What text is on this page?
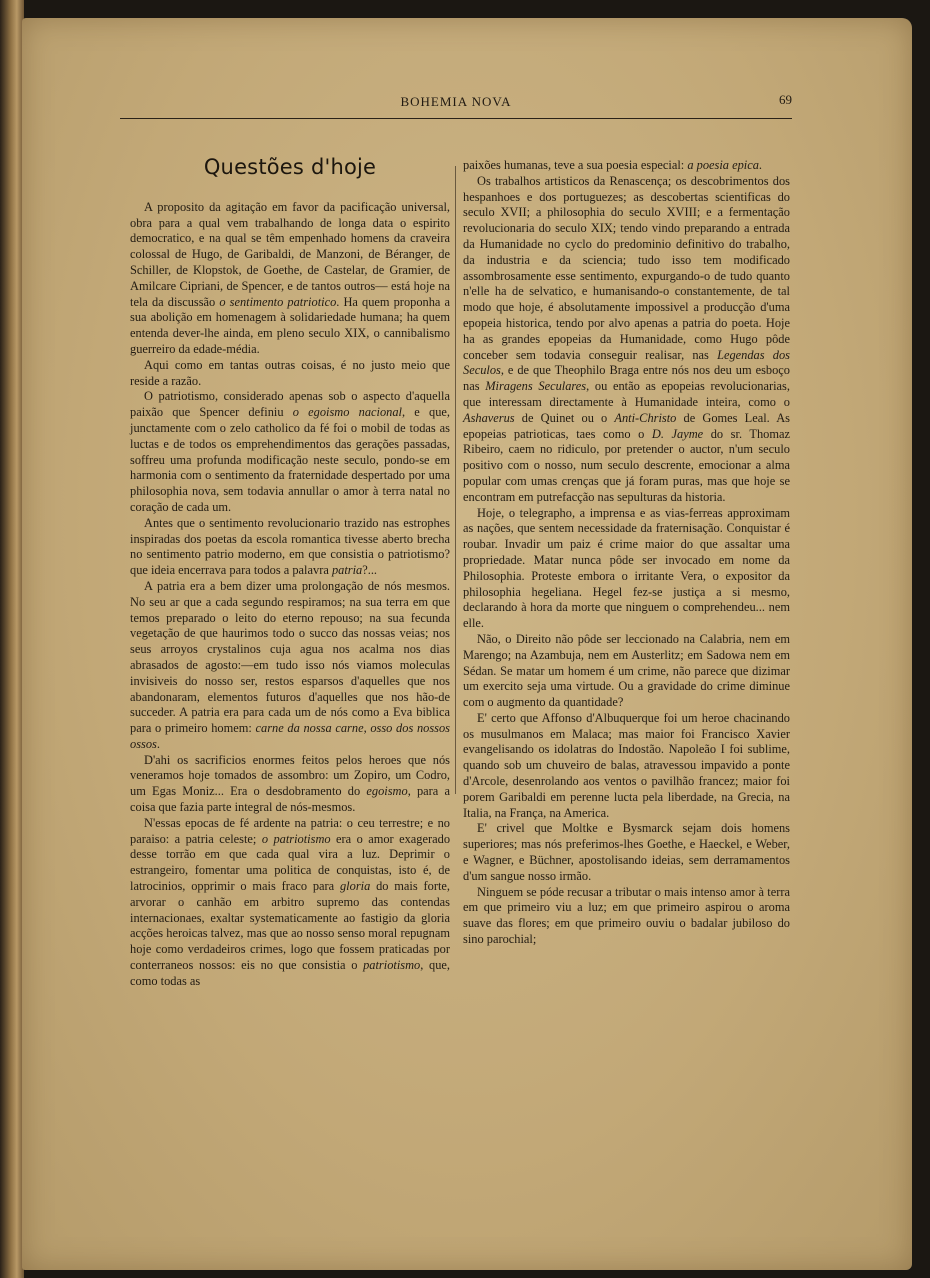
BOHEMIA NOVA	69
Questões d'hoje

A proposito da agitação em favor da pacificação universal, obra para a qual vem trabalhando de longa data o espirito democratico, e na qual se têm empenhado homens da craveira colossal de Hugo, de Garibaldi, de Manzoni, de Béranger, de Schiller, de Klopstok, de Goethe, de Castelar, de Gramier, de Amilcare Cipriani, de Spencer, e de tantos outros— está hoje na tela da discussão o sentimento patriotico. Ha quem proponha a sua abolição em homenagem à solidariedade humana; ha quem entenda dever-lhe ainda, em pleno seculo XIX, o cannibalismo guerreiro da edade-média.

Aqui como em tantas outras coisas, é no justo meio que reside a razão.

O patriotismo, considerado apenas sob o aspecto d'aquella paixão que Spencer definiu o egoismo nacional, e que, junctamente com o zelo catholico da fé foi o mobil de todas as luctas e de todos os emprehendimentos das gerações passadas, soffreu uma profunda modificação neste seculo, pondo-se em harmonia com o sentimento da fraternidade despertado por uma philosophia nova, sem todavia annullar o amor à terra natal no coração de cada um.

Antes que o sentimento revolucionario trazido nas estrophes inspiradas dos poetas da escola romantica tivesse aberto brecha no sentimento patrio moderno, em que consistia o patriotismo? que ideia encerrava para todos a palavra patria?...

A patria era a bem dizer uma prolongação de nós mesmos. No seu ar que a cada segundo respiramos; na sua terra em que temos preparado o leito do eterno repouso; na sua fecunda vegetação de que haurimos todo o succo das nossas veias; nos seus arroyos crystalinos cuja agua nos acalma nos dias abrasados de agosto:—em tudo isso nós viamos moleculas invisiveis do nosso ser, restos esparsos d'aquelles que nos abandonaram, elementos futuros d'aquelles que nos hão-de succeder. A patria era para cada um de nós como a Eva biblica para o primeiro homem: carne da nossa carne, osso dos nossos ossos.

D'ahi os sacrificios enormes feitos pelos heroes que nós veneramos hoje tomados de assombro: um Zopiro, um Codro, um Egas Moniz... Era o desdobramento do egoismo, para a coisa que fazia parte integral de nós-mesmos.

N'essas epocas de fé ardente na patria: o ceu terrestre; e no paraiso: a patria celeste; o patriotismo era o amor exagerado desse torrão em que cada qual vira a luz. Deprimir o estrangeiro, fomentar uma politica de conquistas, isto é, de latrocinios, opprimir o mais fraco para gloria do mais forte, arvorar o canhão em arbitro supremo das contendas internacionaes, exaltar systematicamente ao fastigio da gloria acções heroicas talvez, mas que ao nosso senso moral repugnam hoje como verdadeiros crimes, logo que fossem praticadas por conterraneos nossos: eis no que consistia o patriotismo, que, como todas as

paixões humanas, teve a sua poesia especial: a poesia epica.

Os trabalhos artisticos da Renascença; os descobrimentos dos hespanhoes e dos portuguezes; as descobertas scientificas do seculo XVII; a philosophia do seculo XVIII; e a fermentação revolucionaria do seculo XIX; tendo vindo preparando a entrada da Humanidade no cyclo do predominio definitivo do trabalho, da industria e da sciencia; tudo isso tem modificado assombrosamente esse sentimento, expurgando-o de tudo quanto n'elle ha de selvatico, e humanisando-o constantemente, de tal modo que hoje, é absolutamente impossivel a producção d'uma epopeia historica, tendo por alvo apenas a patria do poeta. Hoje ha as grandes epopeias da Humanidade, como Hugo pôde conceber sem todavia conseguir realisar, nas Legendas dos Seculos, e de que Theophilo Braga entre nós nos deu um esboço nas Miragens Seculares, ou então as epopeias revolucionarias, que interessam directamente à Humanidade inteira, como o Ashaverus de Quinet ou o Anti-Christo de Gomes Leal. As epopeias patrioticas, taes como o D. Jayme do sr. Thomaz Ribeiro, caem no ridiculo, por pretender o auctor, n'um seculo positivo com o nosso, num seculo descrente, emocionar a alma popular com umas crenças que já foram puras, mas que hoje se encontram em putrefacção nas sepulturas da historia.

Hoje, o telegrapho, a imprensa e as vias-ferreas approximam as nações, que sentem necessidade da fraternisação. Conquistar é roubar. Invadir um paiz é crime maior do que assaltar uma propriedade. Matar nunca pôde ser invocado em nome da Philosophia. Proteste embora o irritante Vera, o expositor da philosophia hegeliana. Hegel fez-se justiça a si mesmo, declarando à hora da morte que ninguem o comprehendeu... nem elle.

Não, o Direito não pôde ser leccionado na Calabria, nem em Marengo; na Azambuja, nem em Austerlitz; em Sadowa nem em Sédan. Se matar um homem é um crime, não parece que dizimar um exercito seja uma virtude. Ou a gravidade do crime diminue com o augmento da quantidade?

E' certo que Affonso d'Albuquerque foi um heroe chacinando os musulmanos em Malaca; mas maior foi Francisco Xavier evangelisando os idolatras do Indostão. Napoleão I foi sublime, quando sob um chuveiro de balas, atravessou impavido a ponte d'Arcole, desenrolando aos ventos o pavilhão francez; maior foi porem Garibaldi em perenne lucta pela liberdade, na Grecia, na Italia, na França, na America.

E' crivel que Moltke e Bysmarck sejam dois homens superiores; mas nós preferimos-lhes Goethe, e Haeckel, e Weber, e Wagner, e Büchner, apostolisando ideias, sem derramamentos d'um sangue nosso irmão.

Ninguem se póde recusar a tributar o mais intenso amor à terra em que primeiro viu a luz; em que primeiro aspirou o aroma suave das flores; em que primeiro ouviu o badalar jubiloso do sino parochial;
